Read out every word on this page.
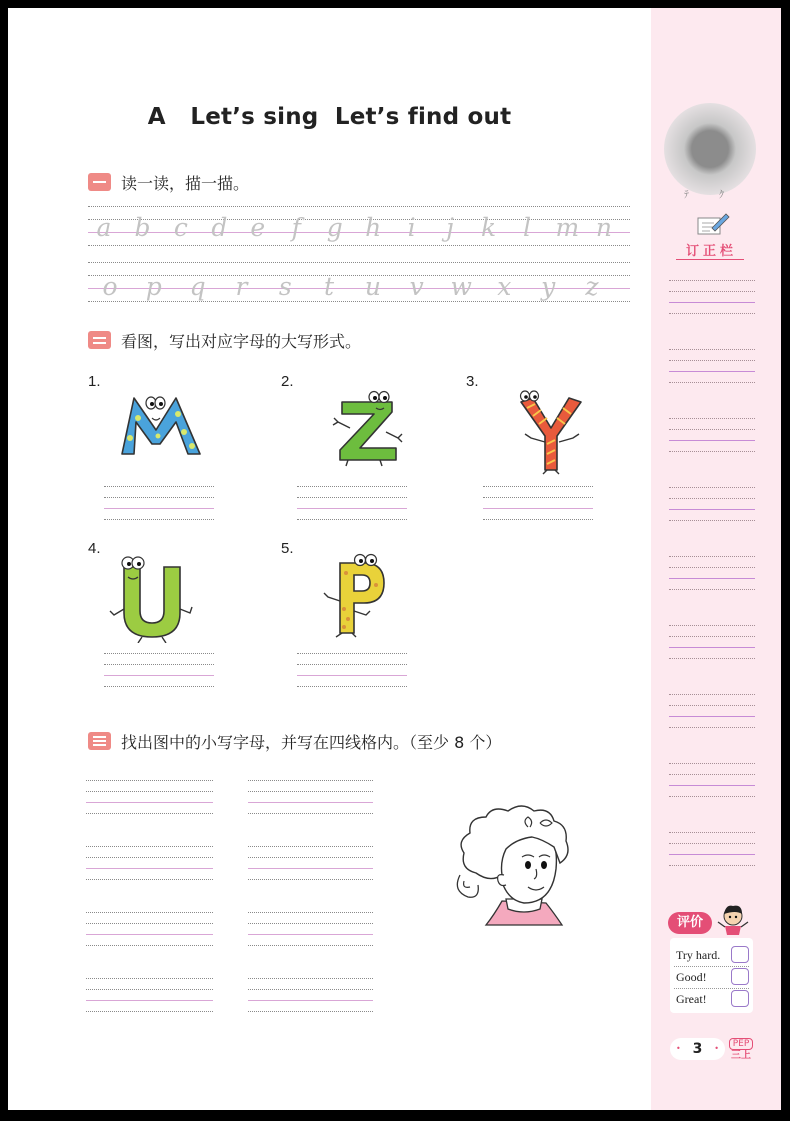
A Let’s sing  Let’s find out
读一读，描一描。
a b c d e f g h i j k l m n
o p q r s t u v w x y z
看图，写出对应字母的大写形式。
1.	2.	3.
4.	5.
找出图中的小写字母，并写在四线格内。（至少 8 个）
ﾃ　　　ｸ
订正栏
评价
Try hard.
Good!
Great!
• 3	•	PEP
三上
